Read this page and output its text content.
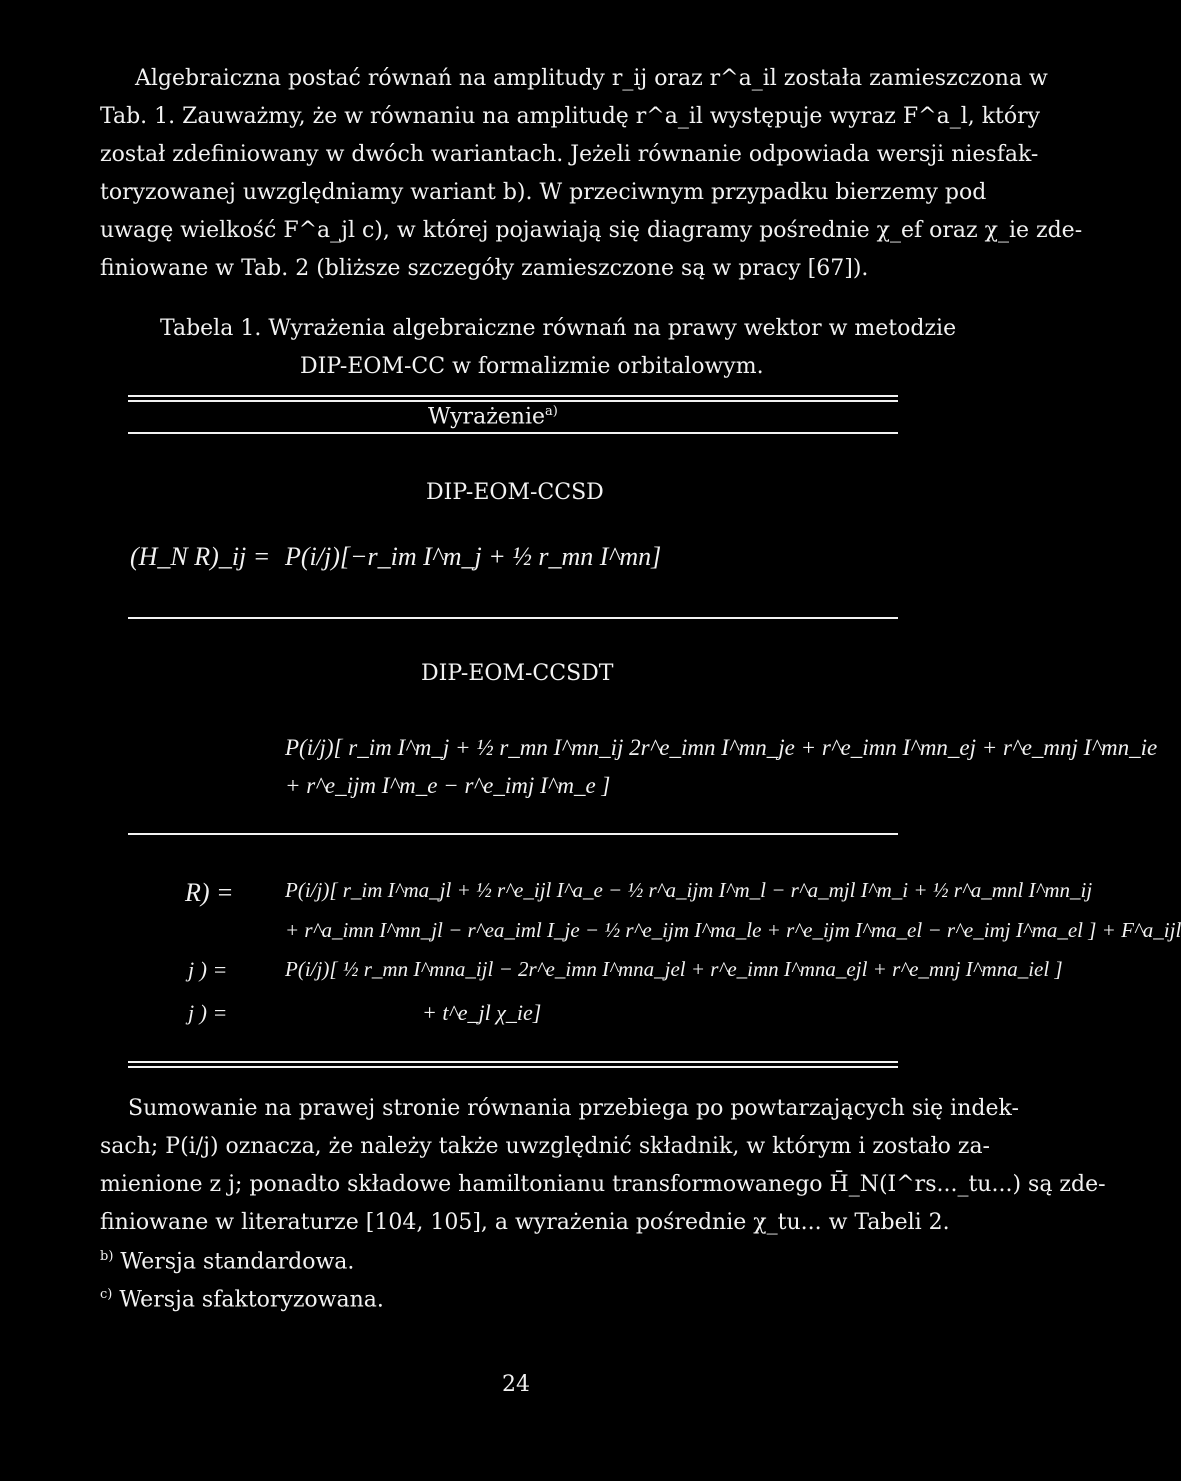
Algebraiczna postać równań na amplitudy r_ij oraz r^a_il została zamieszczona w
Tab. 1. Zauważmy, że w równaniu na amplitudę r^a_il występuje wyraz F^a_l, który
został zdefiniowany w dwóch wariantach. Jeżeli równanie odpowiada wersji niesfak-
toryzowanej uwzględniamy wariant b). W przeciwnym przypadku bierzemy pod
uwagę wielkość F^a_jl c), w której pojawiają się diagramy pośrednie χ_ef oraz χ_ie zde-
finiowane w Tab. 2 (bliższe szczegóły zamieszczone są w pracy [67]).
Tabela 1. Wyrażenia algebraiczne równań na prawy wektor w metodzie
DIP-EOM-CC w formalizmie orbitalowym.
Wyrażenie$^{a)}$
DIP-EOM-CCSD
(H_N R)_ij = P(i/j)[−r_im I^m_j + ½ r_mn I^mn]
DIP-EOM-CCSDT
P(i/j)[ r_im I^m_j + ½ r_mn I^mn_ij 2r^e_imn I^mn_je + r^e_imn I^mn_ej + r^e_mnj I^mn_ie
+ r^e_ijm I^m_e − r^e_imj I^m_e ]
R) = P(i/j)[ r_im I^ma_jl + ½ r^e_ijl I^a_e − ½ r^a_ijm I^m_l − r^a_mjl I^m_i + ½ r^a_mnl I^mn_ij
+ r^a_imn I^mn_jl − r^ea_iml I_je − ½ r^e_ijm I^ma_le + r^e_ijm I^ma_el − r^e_imj I^ma_el ] + F^a_ijl
j ) =	P(i/j)[ ½ r_mn I^mna_ijl − 2r^e_imn I^mna_jel + r^e_imn I^mna_ejl + r^e_mnj I^mna_iel ]
j ) =	+ t^e_jl χ_ie]
Sumowanie na prawej stronie równania przebiega po powtarzających się indek-
sach; P(i/j) oznacza, że należy także uwzględnić składnik, w którym i zostało za-
mienione z j; ponadto składowe hamiltonianu transformowanego H̄_N(I^rs..._tu...) są zde-
finiowane w literaturze [104, 105], a wyrażenia pośrednie χ_tu... w Tabeli 2.
$^{b)}$ Wersja standardowa.
$^{c)}$ Wersja sfaktoryzowana.
24
